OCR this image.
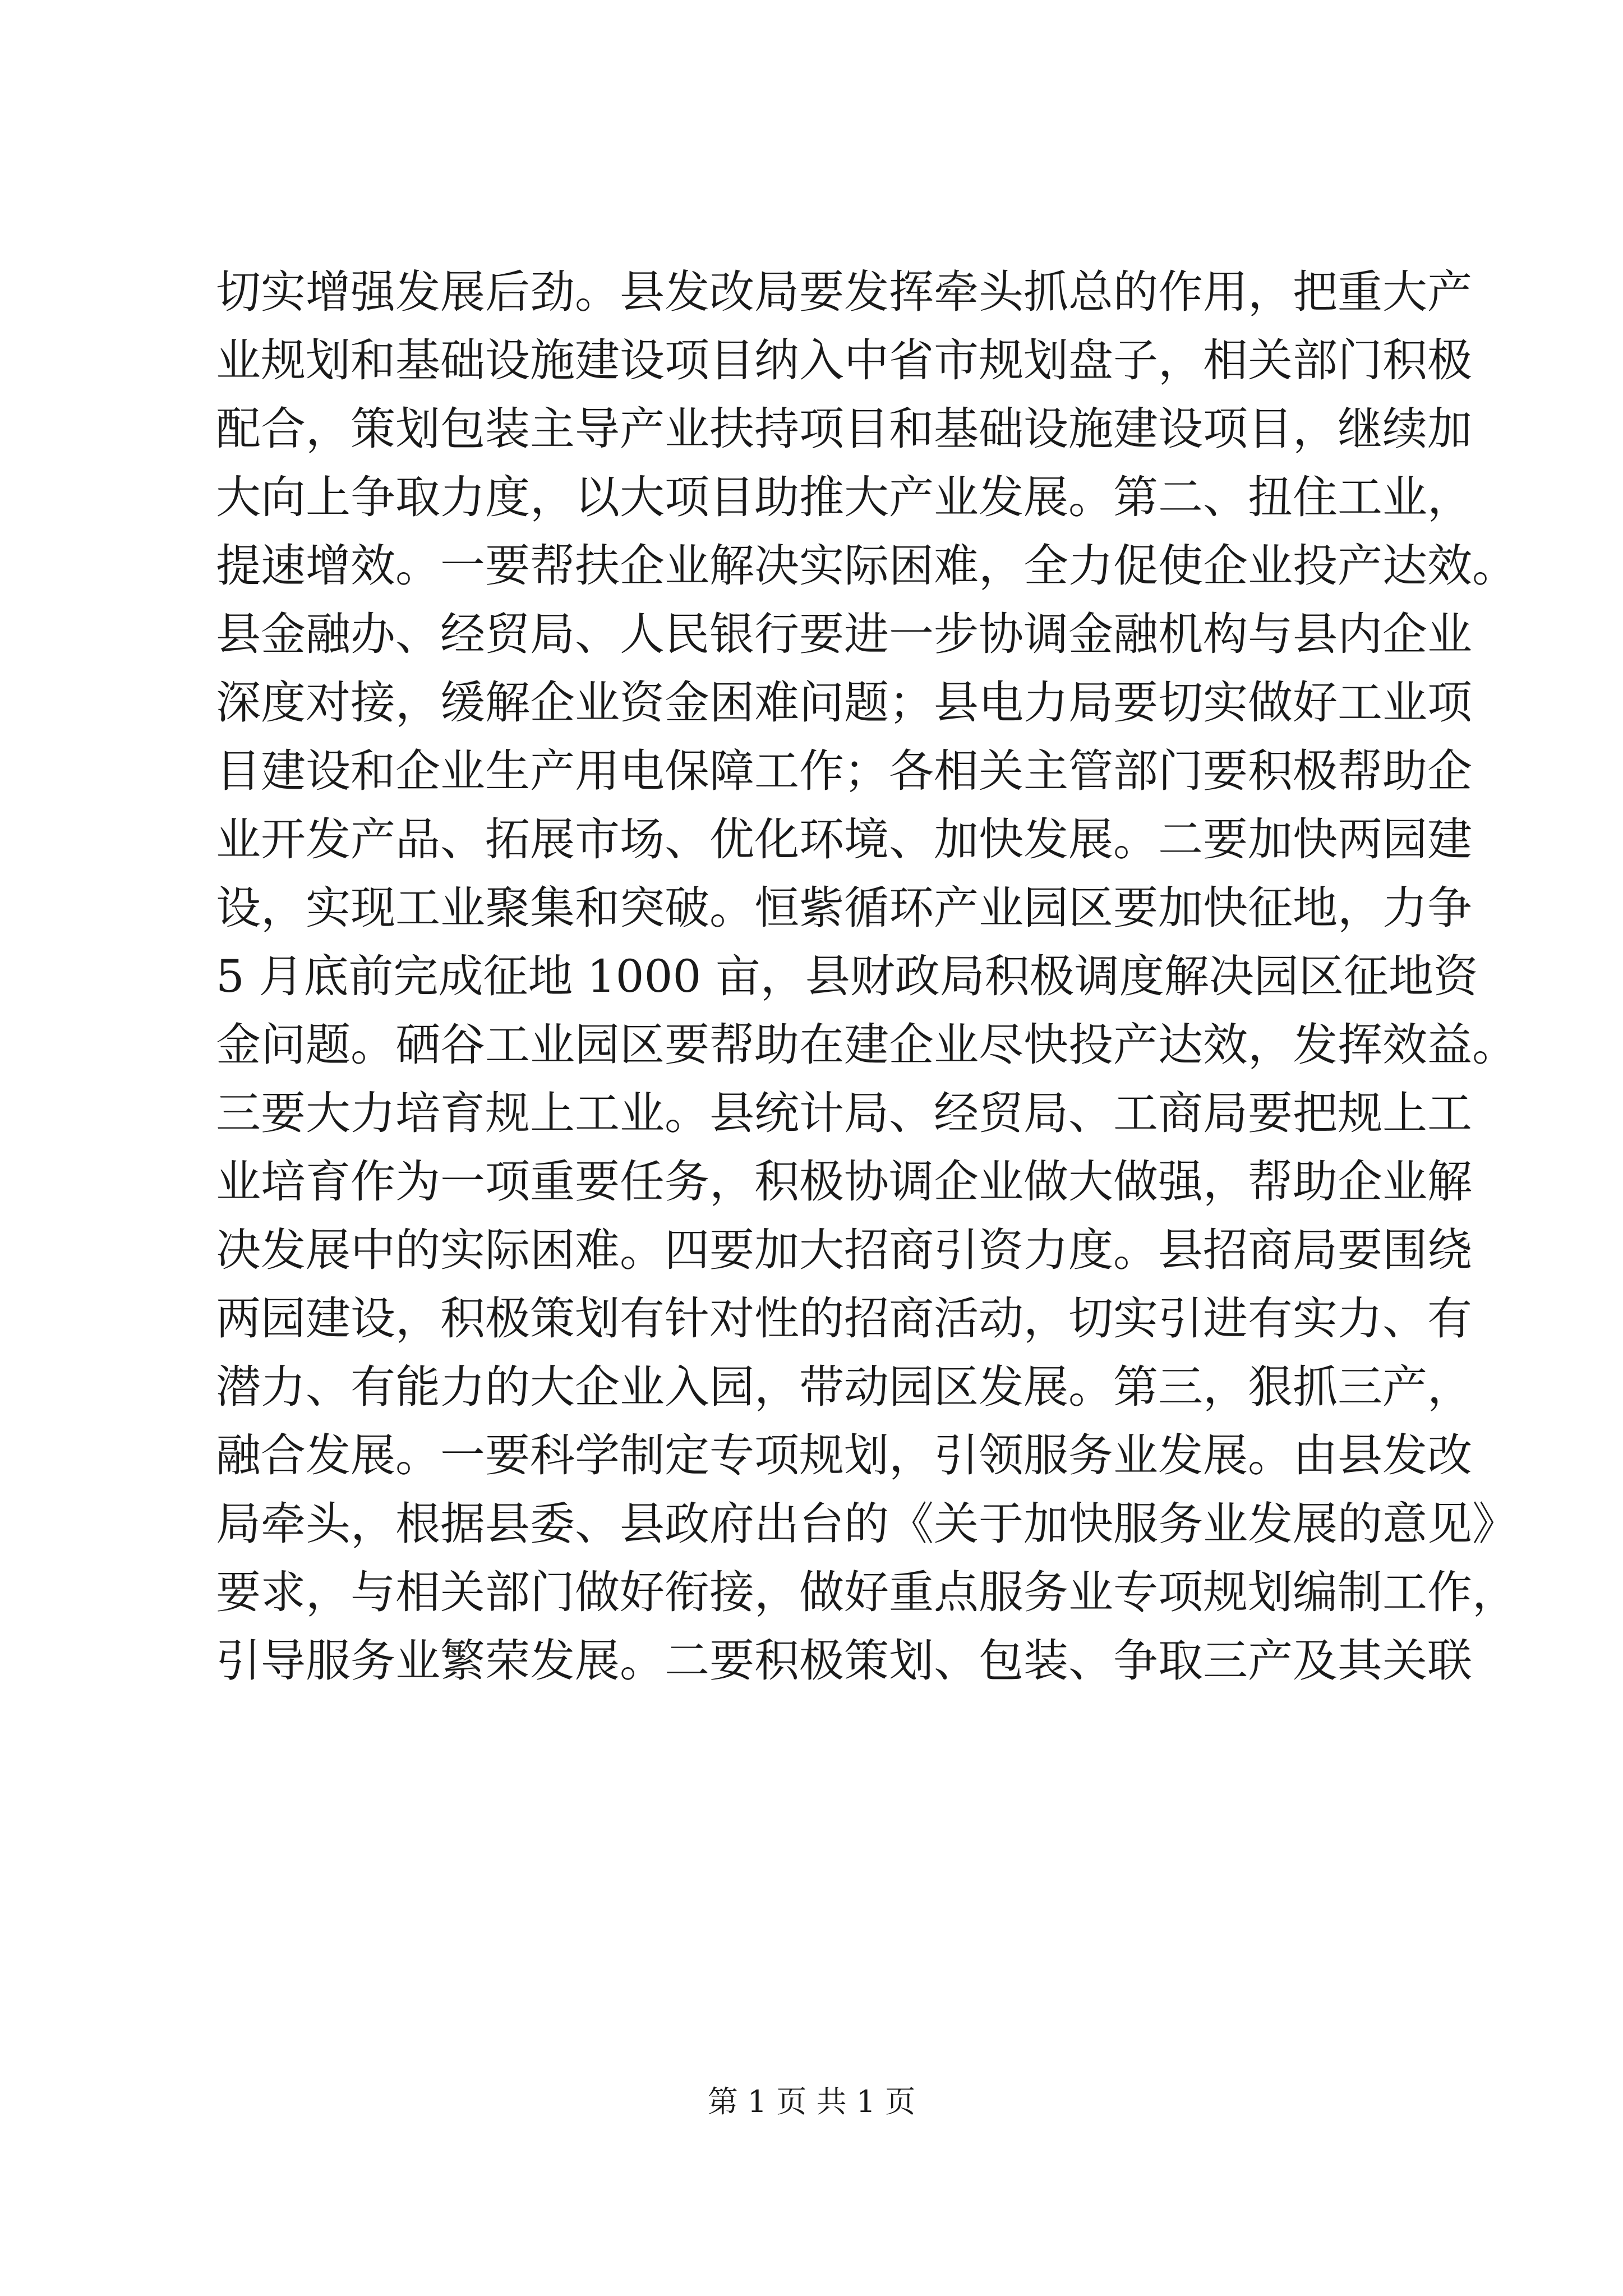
切实增强发展后劲。县发改局要发挥牵头抓总的作用，把重大产
业规划和基础设施建设项目纳入中省市规划盘子，相关部门积极
配合，策划包装主导产业扶持项目和基础设施建设项目，继续加
大向上争取力度，以大项目助推大产业发展。第二、扭住工业，
提速增效。一要帮扶企业解决实际困难，全力促使企业投产达效。
县金融办、经贸局、人民银行要进一步协调金融机构与县内企业
深度对接，缓解企业资金困难问题；县电力局要切实做好工业项
目建设和企业生产用电保障工作；各相关主管部门要积极帮助企
业开发产品、拓展市场、优化环境、加快发展。二要加快两园建
设，实现工业聚集和突破。恒紫循环产业园区要加快征地，力争
5 月底前完成征地 1000 亩，县财政局积极调度解决园区征地资
金问题。硒谷工业园区要帮助在建企业尽快投产达效，发挥效益。
三要大力培育规上工业。县统计局、经贸局、工商局要把规上工
业培育作为一项重要任务，积极协调企业做大做强，帮助企业解
决发展中的实际困难。四要加大招商引资力度。县招商局要围绕
两园建设，积极策划有针对性的招商活动，切实引进有实力、有
潜力、有能力的大企业入园，带动园区发展。第三，狠抓三产，
融合发展。一要科学制定专项规划，引领服务业发展。由县发改
局牵头，根据县委、县政府出台的《关于加快服务业发展的意见》
要求，与相关部门做好衔接，做好重点服务业专项规划编制工作，
引导服务业繁荣发展。二要积极策划、包装、争取三产及其关联
第 1 页 共 1 页
